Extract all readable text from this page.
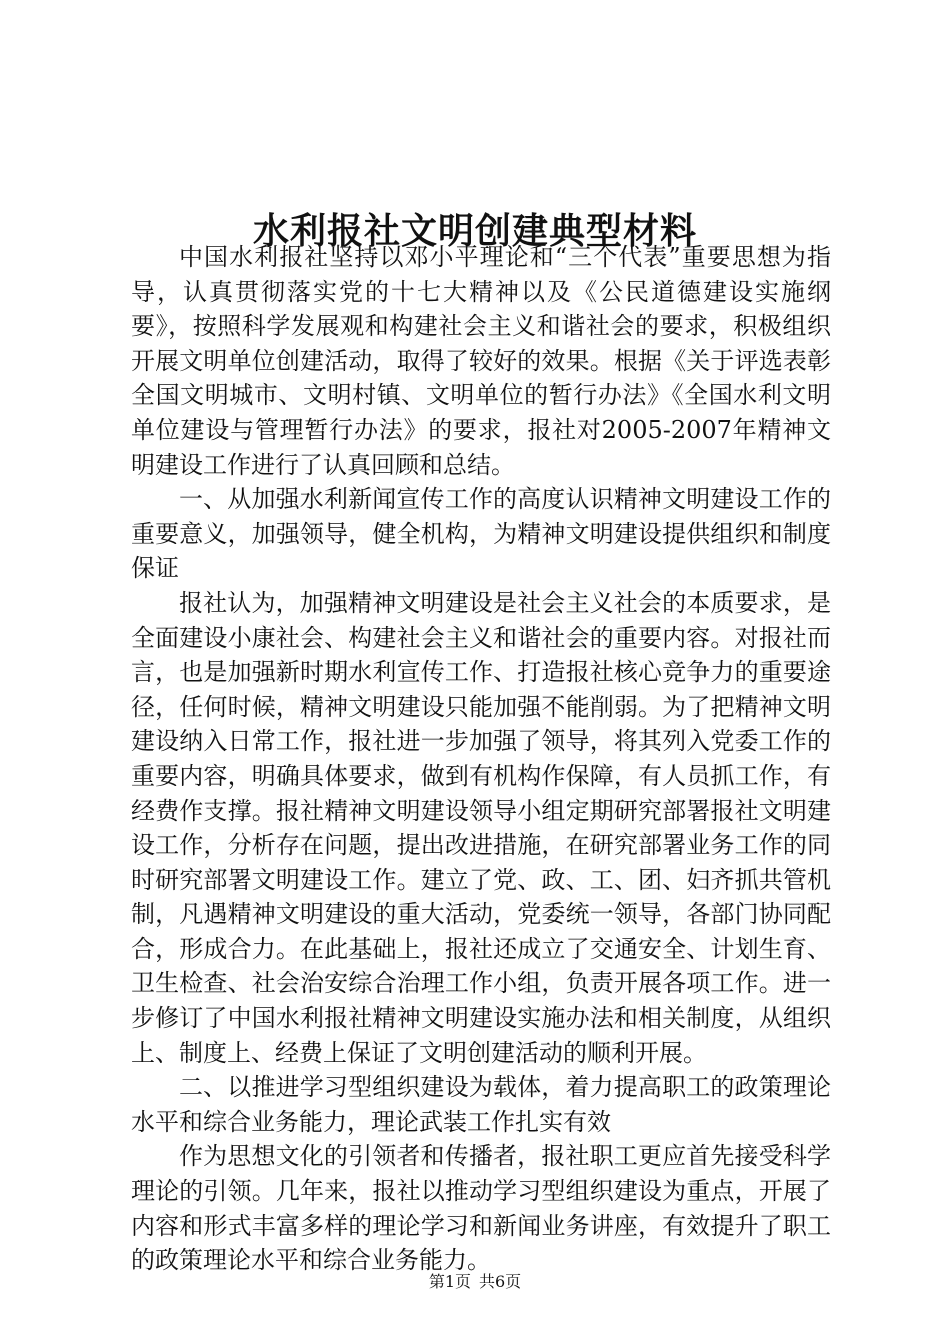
水利报社文明创建典型材料

中国水利报社坚持以邓小平理论和“三个代表”重要思想为指导，认真贯彻落实党的十七大精神以及《公民道德建设实施纲要》，按照科学发展观和构建社会主义和谐社会的要求，积极组织开展文明单位创建活动，取得了较好的效果。根据《关于评选表彰全国文明城市、文明村镇、文明单位的暂行办法》《全国水利文明单位建设与管理暂行办法》的要求，报社对2005-2007年精神文明建设工作进行了认真回顾和总结。

一、从加强水利新闻宣传工作的高度认识精神文明建设工作的重要意义，加强领导，健全机构，为精神文明建设提供组织和制度保证

报社认为，加强精神文明建设是社会主义社会的本质要求，是全面建设小康社会、构建社会主义和谐社会的重要内容。对报社而言，也是加强新时期水利宣传工作、打造报社核心竞争力的重要途径，任何时候，精神文明建设只能加强不能削弱。为了把精神文明建设纳入日常工作，报社进一步加强了领导，将其列入党委工作的重要内容，明确具体要求，做到有机构作保障，有人员抓工作，有经费作支撑。报社精神文明建设领导小组定期研究部署报社文明建设工作，分析存在问题，提出改进措施，在研究部署业务工作的同时研究部署文明建设工作。建立了党、政、工、团、妇齐抓共管机制，凡遇精神文明建设的重大活动，党委统一领导，各部门协同配合，形成合力。在此基础上，报社还成立了交通安全、计划生育、卫生检查、社会治安综合治理工作小组，负责开展各项工作。进一步修订了中国水利报社精神文明建设实施办法和相关制度，从组织上、制度上、经费上保证了文明创建活动的顺利开展。

二、以推进学习型组织建设为载体，着力提高职工的政策理论水平和综合业务能力，理论武装工作扎实有效

作为思想文化的引领者和传播者，报社职工更应首先接受科学理论的引领。几年来，报社以推动学习型组织建设为重点，开展了内容和形式丰富多样的理论学习和新闻业务讲座，有效提升了职工的政策理论水平和综合业务能力。

第1页 共6页
